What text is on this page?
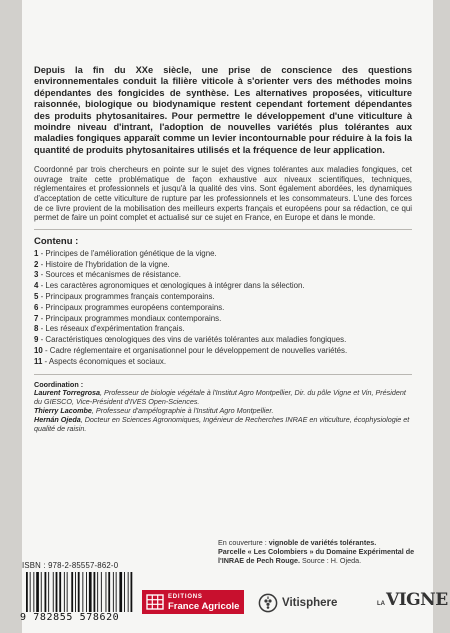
Depuis la fin du XXe siècle, une prise de conscience des questions environnementales conduit la filière viticole à s'orienter vers des méthodes moins dépendantes des fongicides de synthèse. Les alternatives proposées, viticulture raisonnée, biologique ou biodynamique restent cependant fortement dépendantes des produits phytosanitaires. Pour permettre le développement d'une viticulture à moindre niveau d'intrant, l'adoption de nouvelles variétés plus tolérantes aux maladies fongiques apparaît comme un levier incontournable pour réduire à la fois la quantité de produits phytosanitaires utilisés et la fréquence de leur application.

Coordonné par trois chercheurs en pointe sur le sujet des vignes tolérantes aux maladies fongiques, cet ouvrage traite cette problématique de façon exhaustive aux niveaux scientifiques, techniques, réglementaires et professionnels et jusqu'à la qualité des vins. Sont également abordées, les dynamiques d'acceptation de cette viticulture de rupture par les professionnels et les consommateurs. L'une des forces de ce livre provient de la mobilisation des meilleurs experts français et européens pour sa rédaction, ce qui permet de faire un point complet et actualisé sur ce sujet en France, en Europe et dans le monde.

Contenu :
1 - Principes de l'amélioration génétique de la vigne.
2 - Histoire de l'hybridation de la vigne.
3 - Sources et mécanismes de résistance.
4 - Les caractères agronomiques et œnologiques à intégrer dans la sélection.
5 - Principaux programmes français contemporains.
6 - Principaux programmes européens contemporains.
7 - Principaux programmes mondiaux contemporains.
8 - Les réseaux d'expérimentation français.
9 - Caractéristiques œnologiques des vins de variétés tolérantes aux maladies fongiques.
10 - Cadre réglementaire et organisationnel pour le développement de nouvelles variétés.
11 - Aspects économiques et sociaux.
Coordination :
Laurent Torregrosa, Professeur de biologie végétale à l'Institut Agro Montpellier, Dir. du pôle Vigne et Vin, Président du GIESCO, Vice-Président d'IVES Open-Sciences.
Thierry Lacombe, Professeur d'ampélographie à l'Institut Agro Montpellier.
Hernán Ojeda, Docteur en Sciences Agronomiques, Ingénieur de Recherches INRAE en viticulture, écophysiologie et qualité de raisin.
En couverture : vignoble de variétés tolérantes.
Parcelle « Les Colombiers » du Domaine Expérimental de l'INRAE de Pech Rouge. Source : H. Ojeda.
ISBN : 978-2-85557-862-0
9 782855 578620
EDITIONS
France Agricole	Vitisphere	LA VIGNE
